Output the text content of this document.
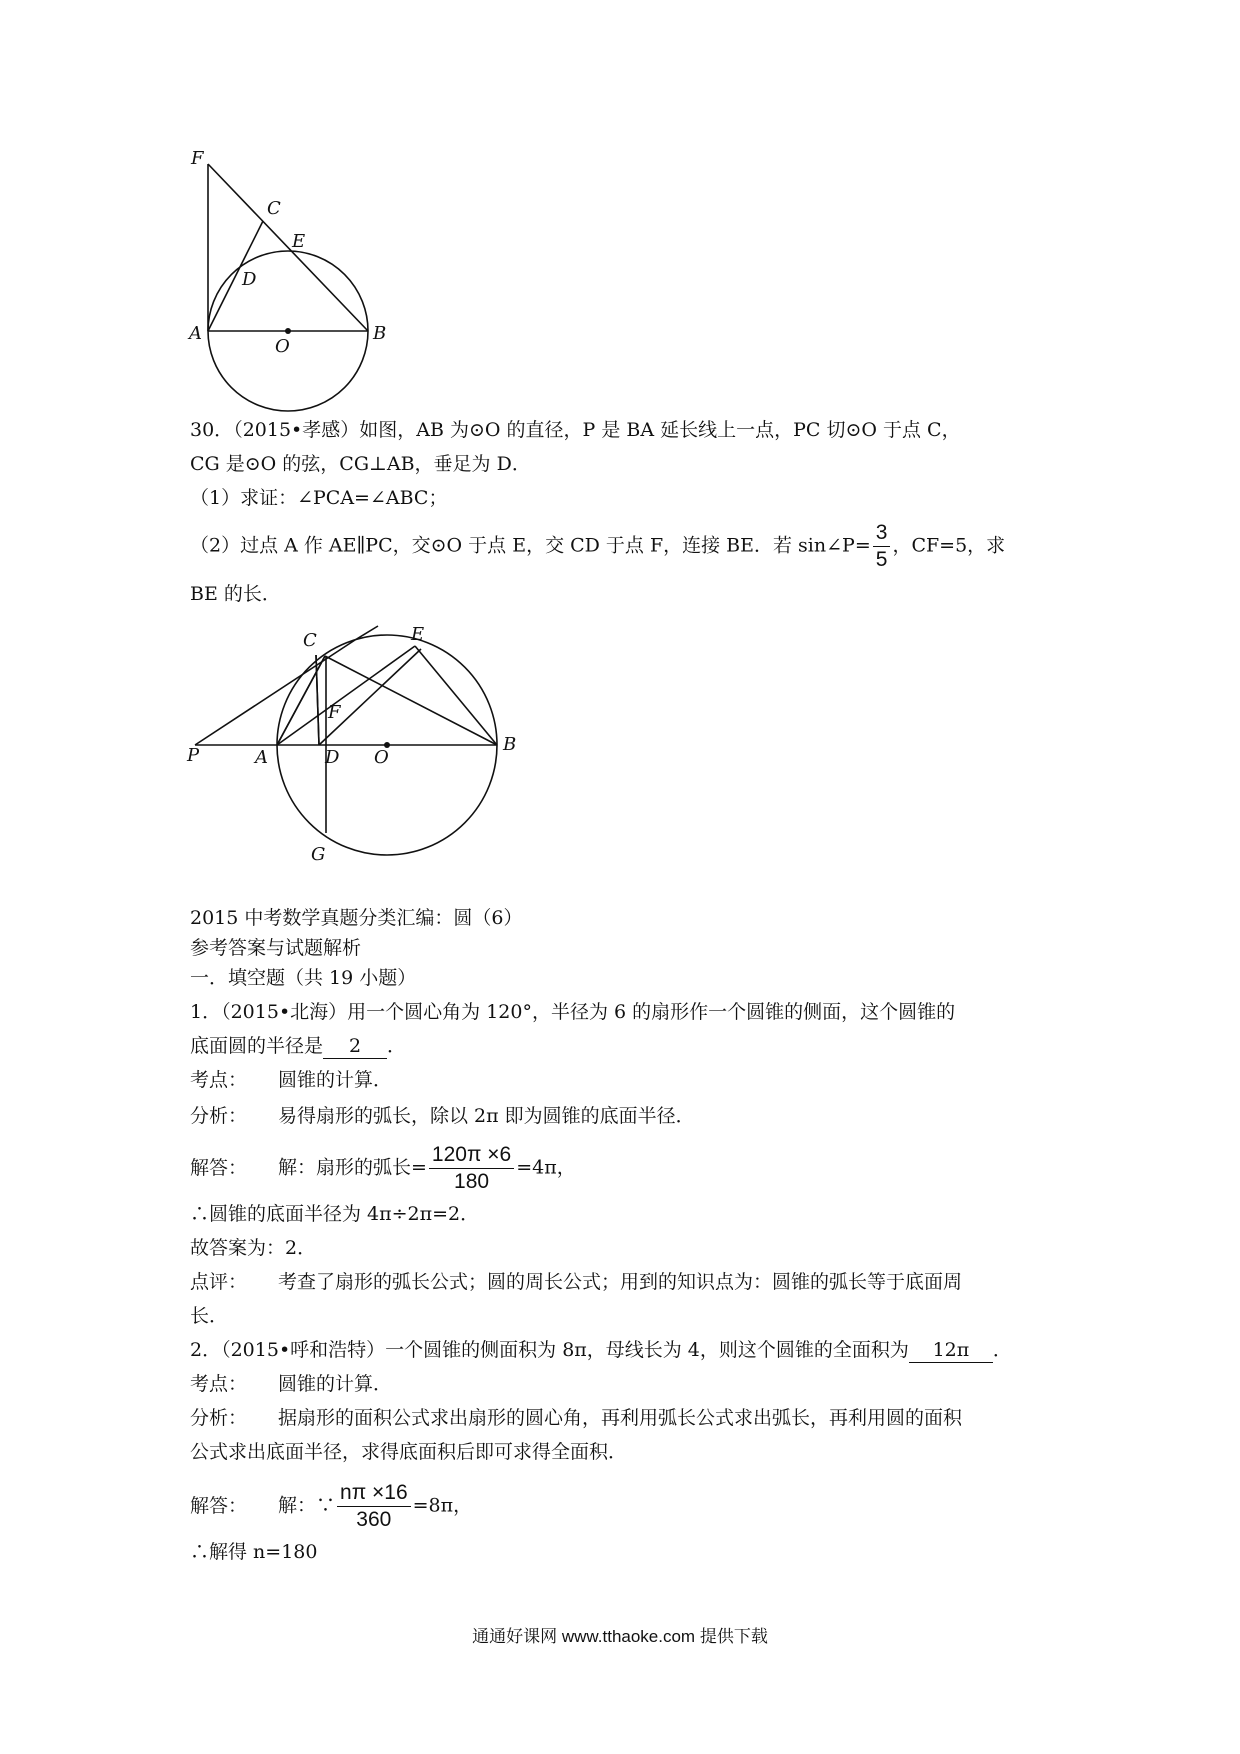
F
C
E
D
A
O
B
30．（2015•孝感）如图，AB 为⊙O 的直径，P 是 BA 延长线上一点，PC 切⊙O 于点 C，
CG 是⊙O 的弦，CG⊥AB，垂足为 D．
（1）求证：∠PCA=∠ABC；
（2）过点 A 作 AE∥PC，交⊙O 于点 E，交 CD 于点 F，连接 BE．若 sin∠P= $\frac{3}{5}$ ，CF=5，求
BE 的长．
C	E
F
P	A	D O
B
G
2015 中考数学真题分类汇编：圆（6）
参考答案与试题解析
一．填空题（共 19 小题）
1．（2015•北海）用一个圆心角为 120°，半径为 6 的扇形作一个圆锥的侧面，这个圆锥的
底面圆的半径是 2 ．
考点： 圆锥的计算．
分析： 易得扇形的弧长，除以 2π 即为圆锥的底面半径．
解答： 解：扇形的弧长= $\frac{120\pi \times 6}{180} =4\pi$，
∴圆锥的底面半径为 4π÷2π=2．
故答案为：2．
点评： 考查了扇形的弧长公式；圆的周长公式；用到的知识点为：圆锥的弧长等于底面周
长．
2．（2015•呼和浩特）一个圆锥的侧面积为 8π，母线长为 4，则这个圆锥的全面积为 12π ．
考点： 圆锥的计算．
分析： 据扇形的面积公式求出扇形的圆心角，再利用弧长公式求出弧长，再利用圆的面积
公式求出底面半径，求得底面积后即可求得全面积．
解答： 解：∵ $\frac{n\pi \times 16}{360} =8\pi$，
∴解得 n=180
通通好课网 www.tthaoke.com 提供下载
